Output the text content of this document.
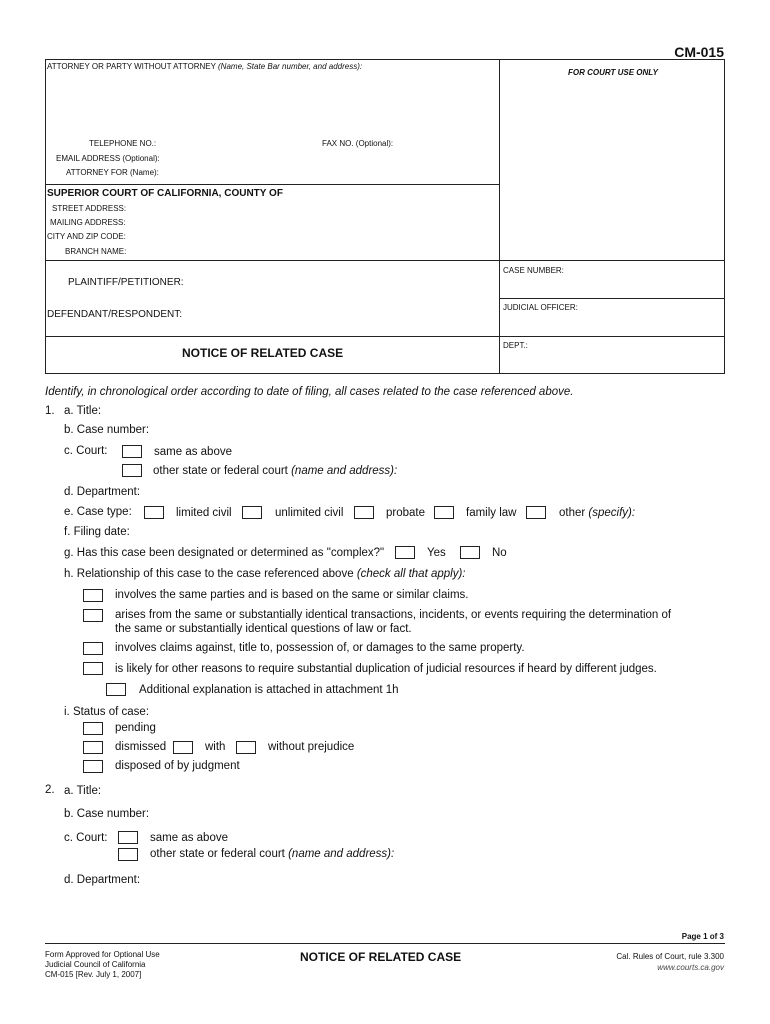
CM-015
ATTORNEY OR PARTY WITHOUT ATTORNEY (Name, State Bar number, and address):
FOR COURT USE ONLY
TELEPHONE NO.:	FAX NO. (Optional):
EMAIL ADDRESS (Optional):
ATTORNEY FOR (Name):
SUPERIOR COURT OF CALIFORNIA, COUNTY OF
STREET ADDRESS:
MAILING ADDRESS:
CITY AND ZIP CODE:
BRANCH NAME:
PLAINTIFF/PETITIONER:
DEFENDANT/RESPONDENT:
CASE NUMBER:
JUDICIAL OFFICER:
DEPT.:
NOTICE OF RELATED CASE
Identify, in chronological order according to date of filing, all cases related to the case referenced above.
1. a. Title:
b. Case number:
c. Court:	same as above
other state or federal court (name and address):
d. Department:
e. Case type:	limited civil	unlimited civil	probate	family law	other (specify):
f. Filing date:
g. Has this case been designated or determined as "complex?"	Yes	No
h. Relationship of this case to the case referenced above (check all that apply):
involves the same parties and is based on the same or similar claims.
arises from the same or substantially identical transactions, incidents, or events requiring the determination of
the same or substantially identical questions of law or fact.
involves claims against, title to, possession of, or damages to the same property.
is likely for other reasons to require substantial duplication of judicial resources if heard by different judges.
Additional explanation is attached in attachment 1h
i. Status of case:
pending
dismissed	with	without prejudice
disposed of by judgment
2. a. Title:
b. Case number:
c. Court:	same as above
other state or federal court (name and address):
d. Department:
Page 1 of 3
Form Approved for Optional Use
Judicial Council of California
CM-015 [Rev. July 1, 2007]
NOTICE OF RELATED CASE	Cal. Rules of Court, rule 3.300
www.courts.ca.gov
